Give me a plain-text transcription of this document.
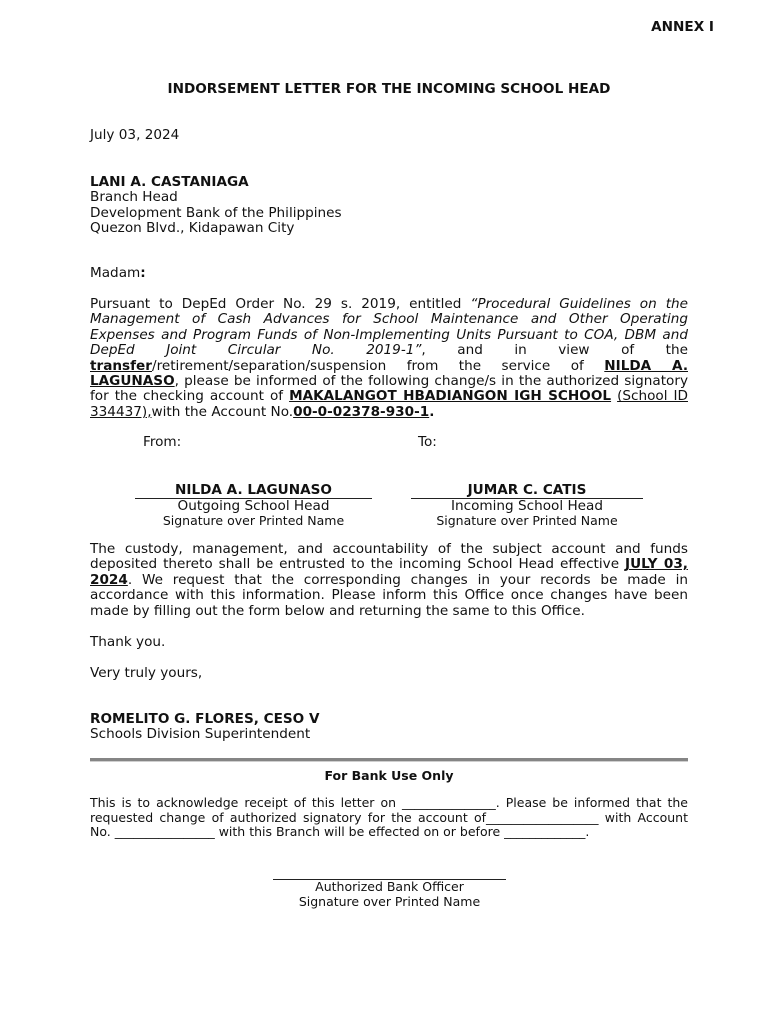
ANNEX I
INDORSEMENT LETTER FOR THE INCOMING SCHOOL HEAD
July 03, 2024
LANI A. CASTANIAGA
Branch Head
Development Bank of the Philippines
Quezon Blvd., Kidapawan City
Madam:
Pursuant to DepEd Order No. 29 s. 2019, entitled “Procedural Guidelines on the
Management of Cash Advances for School Maintenance and Other Operating
Expenses and Program Funds of Non-Implementing Units Pursuant to COA, DBM and
DepEd Joint Circular No. 2019-1”, and in view of the
transfer/retirement/separation/suspension from the service of NILDA A.
LAGUNASO, please be informed of the following change/s in the authorized signatory
for the checking account of MAKALANGOT HBADIANGON IGH SCHOOL (School ID
334437),with the Account No.00-0-02378-930-1.
From:	To:
NILDA A. LAGUNASO
Outgoing School Head
Signature over Printed Name
JUMAR C. CATIS
Incoming School Head
Signature over Printed Name
The custody, management, and accountability of the subject account and funds
deposited thereto shall be entrusted to the incoming School Head effective JULY 03,
2024. We request that the corresponding changes in your records be made in
accordance with this information. Please inform this Office once changes have been
made by filling out the form below and returning the same to this Office.
Thank you.
Very truly yours,
ROMELITO G. FLORES, CESO V
Schools Division Superintendent
For Bank Use Only
This is to acknowledge receipt of this letter on _______________. Please be informed that the
requested change of authorized signatory for the account of__________________ with Account
No. ________________ with this Branch will be effected on or before _____________.
Authorized Bank Officer
Signature over Printed Name
